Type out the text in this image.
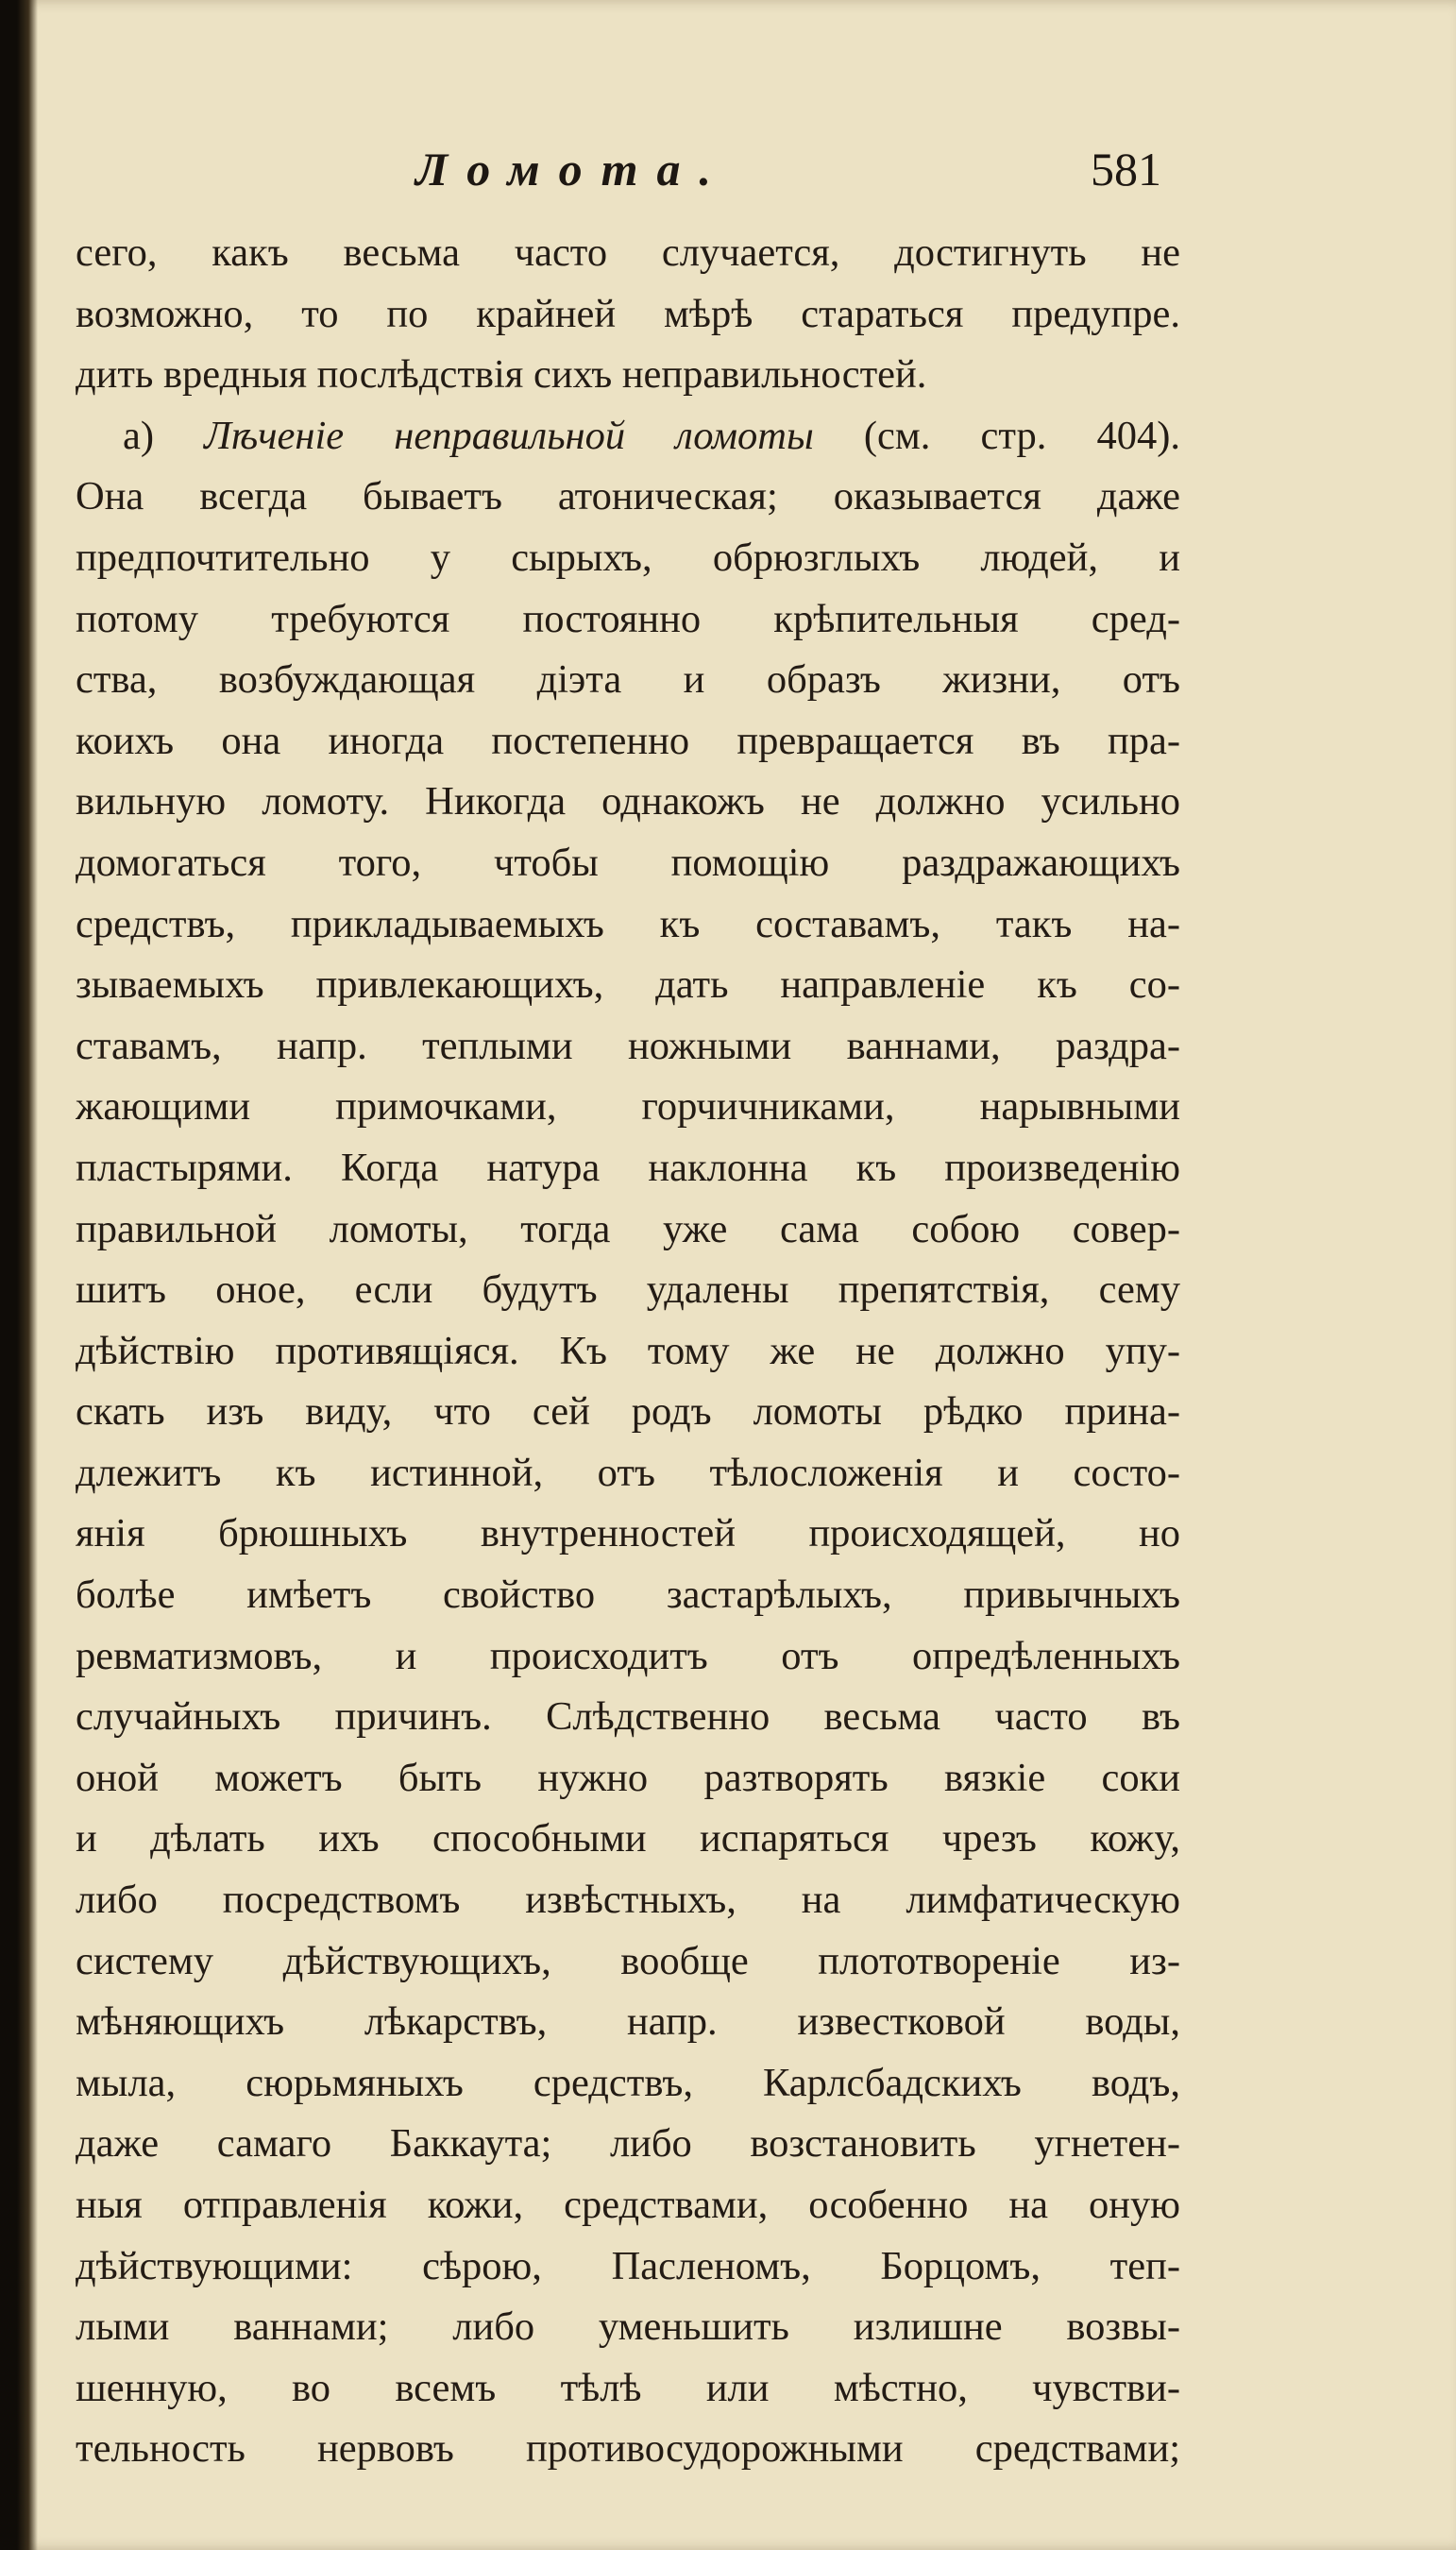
Ломота.	581
сего, какъ весьма часто случается, достигнуть не
возможно, то по крайней мѣрѣ стараться предупре.
дить вредныя послѣдствія сихъ неправильностей.
а) Лѣченіе неправильной ломоты (см. стр. 404).
Она всегда бываетъ атоническая; оказывается даже
предпочтительно у сырыхъ, обрюзглыхъ людей, и
потому требуются постоянно крѣпительныя сред-
ства, возбуждающая діэта и образъ жизни, отъ
коихъ она иногда постепенно превращается въ пра-
вильную ломоту. Никогда однакожъ не должно усильно
домогаться того, чтобы помощію раздражающихъ
средствъ, прикладываемыхъ къ составамъ, такъ на-
зываемыхъ привлекающихъ, дать направленіе къ со-
ставамъ, напр. теплыми ножными ваннами, раздра-
жающими примочками, горчичниками, нарывными
пластырями. Когда натура наклонна къ произведенію
правильной ломоты, тогда уже сама собою совер-
шитъ оное, если будутъ удалены препятствія, сему
дѣйствію противящіяся. Къ тому же не должно упу-
скать изъ виду, что сей родъ ломоты рѣдко прина-
длежитъ къ истинной, отъ тѣлосложенія и состо-
янія брюшныхъ внутренностей происходящей, но
болѣе имѣетъ свойство застарѣлыхъ, привычныхъ
ревматизмовъ, и происходитъ отъ опредѣленныхъ
случайныхъ причинъ. Слѣдственно весьма часто въ
оной можетъ быть нужно разтворять вязкіе соки
и дѣлать ихъ способными испаряться чрезъ кожу,
либо посредствомъ извѣстныхъ, на лимфатическую
систему дѣйствующихъ, вообще плототвореніе из-
мѣняющихъ лѣкарствъ, напр. известковой воды,
мыла, сюрьмяныхъ средствъ, Карлсбадскихъ водъ,
даже самаго Баккаута; либо возстановить угнетен-
ныя отправленія кожи, средствами, особенно на оную
дѣйствующими: сѣрою, Пасленомъ, Борцомъ, теп-
лыми ваннами; либо уменьшить излишне возвы-
шенную, во всемъ тѣлѣ или мѣстно, чувстви-
тельность нервовъ противосудорожными средствами;
